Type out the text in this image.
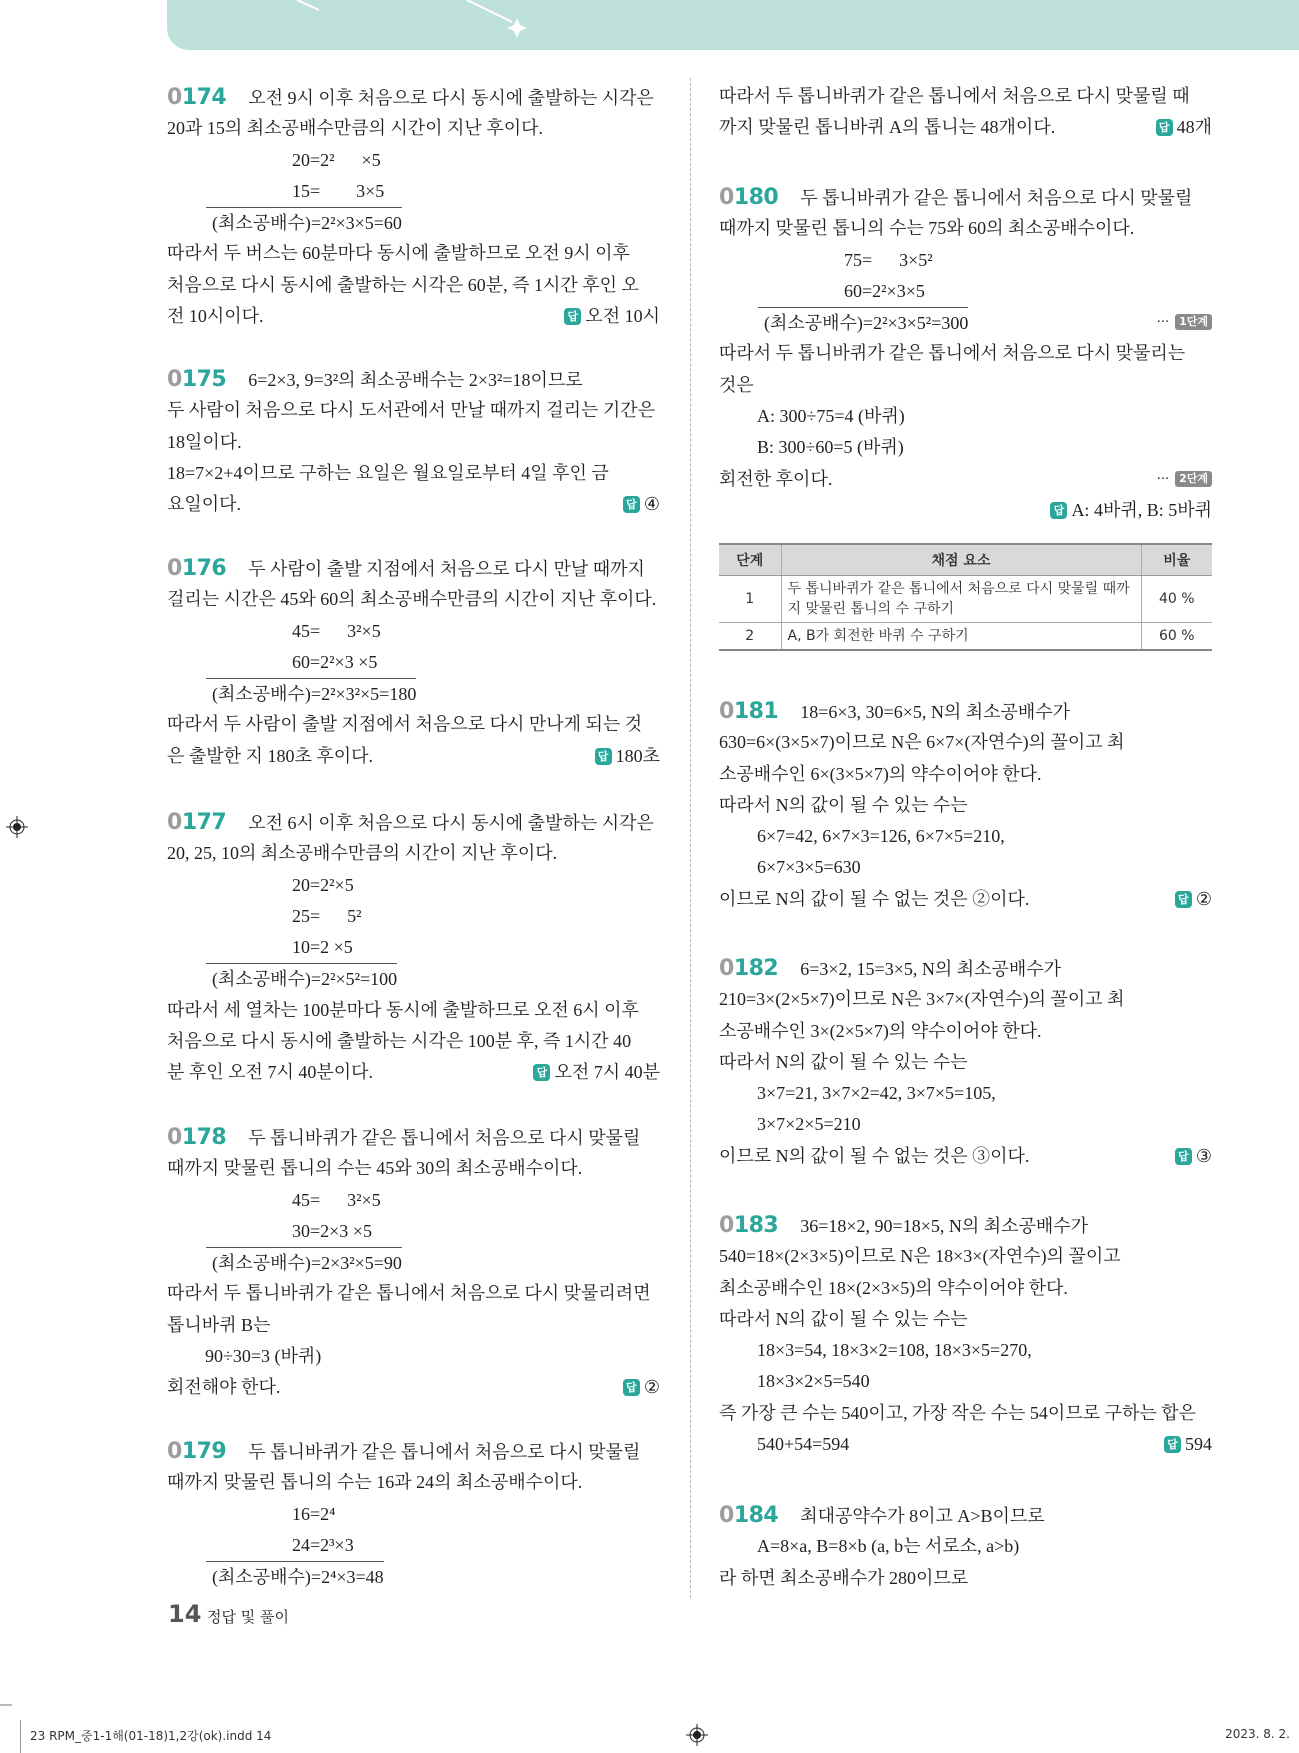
0174 오전 9시 이후 처음으로 다시 동시에 출발하는 시각은
20과 15의 최소공배수만큼의 시간이 지난 후이다.
20=2²      ×5
15=        3×5
(최소공배수)=2²×3×5=60
따라서 두 버스는 60분마다 동시에 출발하므로 오전 9시 이후
처음으로 다시 동시에 출발하는 시각은 60분, 즉 1시간 후인 오
전 10시이다.	답 오전 10시
0175 6=2×3, 9=3²의 최소공배수는 2×3²=18이므로
두 사람이 처음으로 다시 도서관에서 만날 때까지 걸리는 기간은
18일이다.
18=7×2+4이므로 구하는 요일은 월요일로부터 4일 후인 금
요일이다.	답 ④
0176 두 사람이 출발 지점에서 처음으로 다시 만날 때까지
걸리는 시간은 45와 60의 최소공배수만큼의 시간이 지난 후이다.
45=      3²×5
60=2²×3 ×5
(최소공배수)=2²×3²×5=180
따라서 두 사람이 출발 지점에서 처음으로 다시 만나게 되는 것
은 출발한 지 180초 후이다.	답 180초
0177 오전 6시 이후 처음으로 다시 동시에 출발하는 시각은
20, 25, 10의 최소공배수만큼의 시간이 지난 후이다.
20=2²×5
25=      5²
10=2 ×5
(최소공배수)=2²×5²=100
따라서 세 열차는 100분마다 동시에 출발하므로 오전 6시 이후
처음으로 다시 동시에 출발하는 시각은 100분 후, 즉 1시간 40
분 후인 오전 7시 40분이다.	답 오전 7시 40분
0178 두 톱니바퀴가 같은 톱니에서 처음으로 다시 맞물릴
때까지 맞물린 톱니의 수는 45와 30의 최소공배수이다.
45=      3²×5
30=2×3 ×5
(최소공배수)=2×3²×5=90
따라서 두 톱니바퀴가 같은 톱니에서 처음으로 다시 맞물리려면
톱니바퀴 B는
90÷30=3 (바퀴)
회전해야 한다.	답 ②
0179 두 톱니바퀴가 같은 톱니에서 처음으로 다시 맞물릴
때까지 맞물린 톱니의 수는 16과 24의 최소공배수이다.
16=2⁴
24=2³×3
(최소공배수)=2⁴×3=48
따라서 두 톱니바퀴가 같은 톱니에서 처음으로 다시 맞물릴 때
까지 맞물린 톱니바퀴 A의 톱니는 48개이다.	답 48개
0180 두 톱니바퀴가 같은 톱니에서 처음으로 다시 맞물릴
때까지 맞물린 톱니의 수는 75와 60의 최소공배수이다.
75=      3×5²
60=2²×3×5
(최소공배수)=2²×3×5²=300	··· 1단계
따라서 두 톱니바퀴가 같은 톱니에서 처음으로 다시 맞물리는
것은
A: 300÷75=4 (바퀴)
B: 300÷60=5 (바퀴)
회전한 후이다.	··· 2단계
답 A: 4바퀴, B: 5바퀴
0181 18=6×3, 30=6×5, N의 최소공배수가
630=6×(3×5×7)이므로 N은 6×7×(자연수)의 꼴이고 최
소공배수인 6×(3×5×7)의 약수이어야 한다.
따라서 N의 값이 될 수 있는 수는
6×7=42, 6×7×3=126, 6×7×5=210,
6×7×3×5=630
이므로 N의 값이 될 수 없는 것은 ②이다.	답 ②
0182 6=3×2, 15=3×5, N의 최소공배수가
210=3×(2×5×7)이므로 N은 3×7×(자연수)의 꼴이고 최
소공배수인 3×(2×5×7)의 약수이어야 한다.
따라서 N의 값이 될 수 있는 수는
3×7=21, 3×7×2=42, 3×7×5=105,
3×7×2×5=210
이므로 N의 값이 될 수 없는 것은 ③이다.	답 ③
0183 36=18×2, 90=18×5, N의 최소공배수가
540=18×(2×3×5)이므로 N은 18×3×(자연수)의 꼴이고
최소공배수인 18×(2×3×5)의 약수이어야 한다.
따라서 N의 값이 될 수 있는 수는
18×3=54, 18×3×2=108, 18×3×5=270,
18×3×2×5=540
즉 가장 큰 수는 540이고, 가장 작은 수는 54이므로 구하는 합은
540+54=594	답 594
0184 최대공약수가 8이고 A>B이므로
A=8×a, B=8×b (a, b는 서로소, a>b)
라 하면 최소공배수가 280이므로
단계	채점 요소	비율
1	두 톱니바퀴가 같은 톱니에서 처음으로 다시 맞물릴 때까지 맞물린 톱니의 수 구하기	40 %
2	A, B가 회전한 바퀴 수 구하기	60 %
14 정답 및 풀이
23 RPM_중1-1해(01-18)1,2강(ok).indd 14	2023. 8. 2.
